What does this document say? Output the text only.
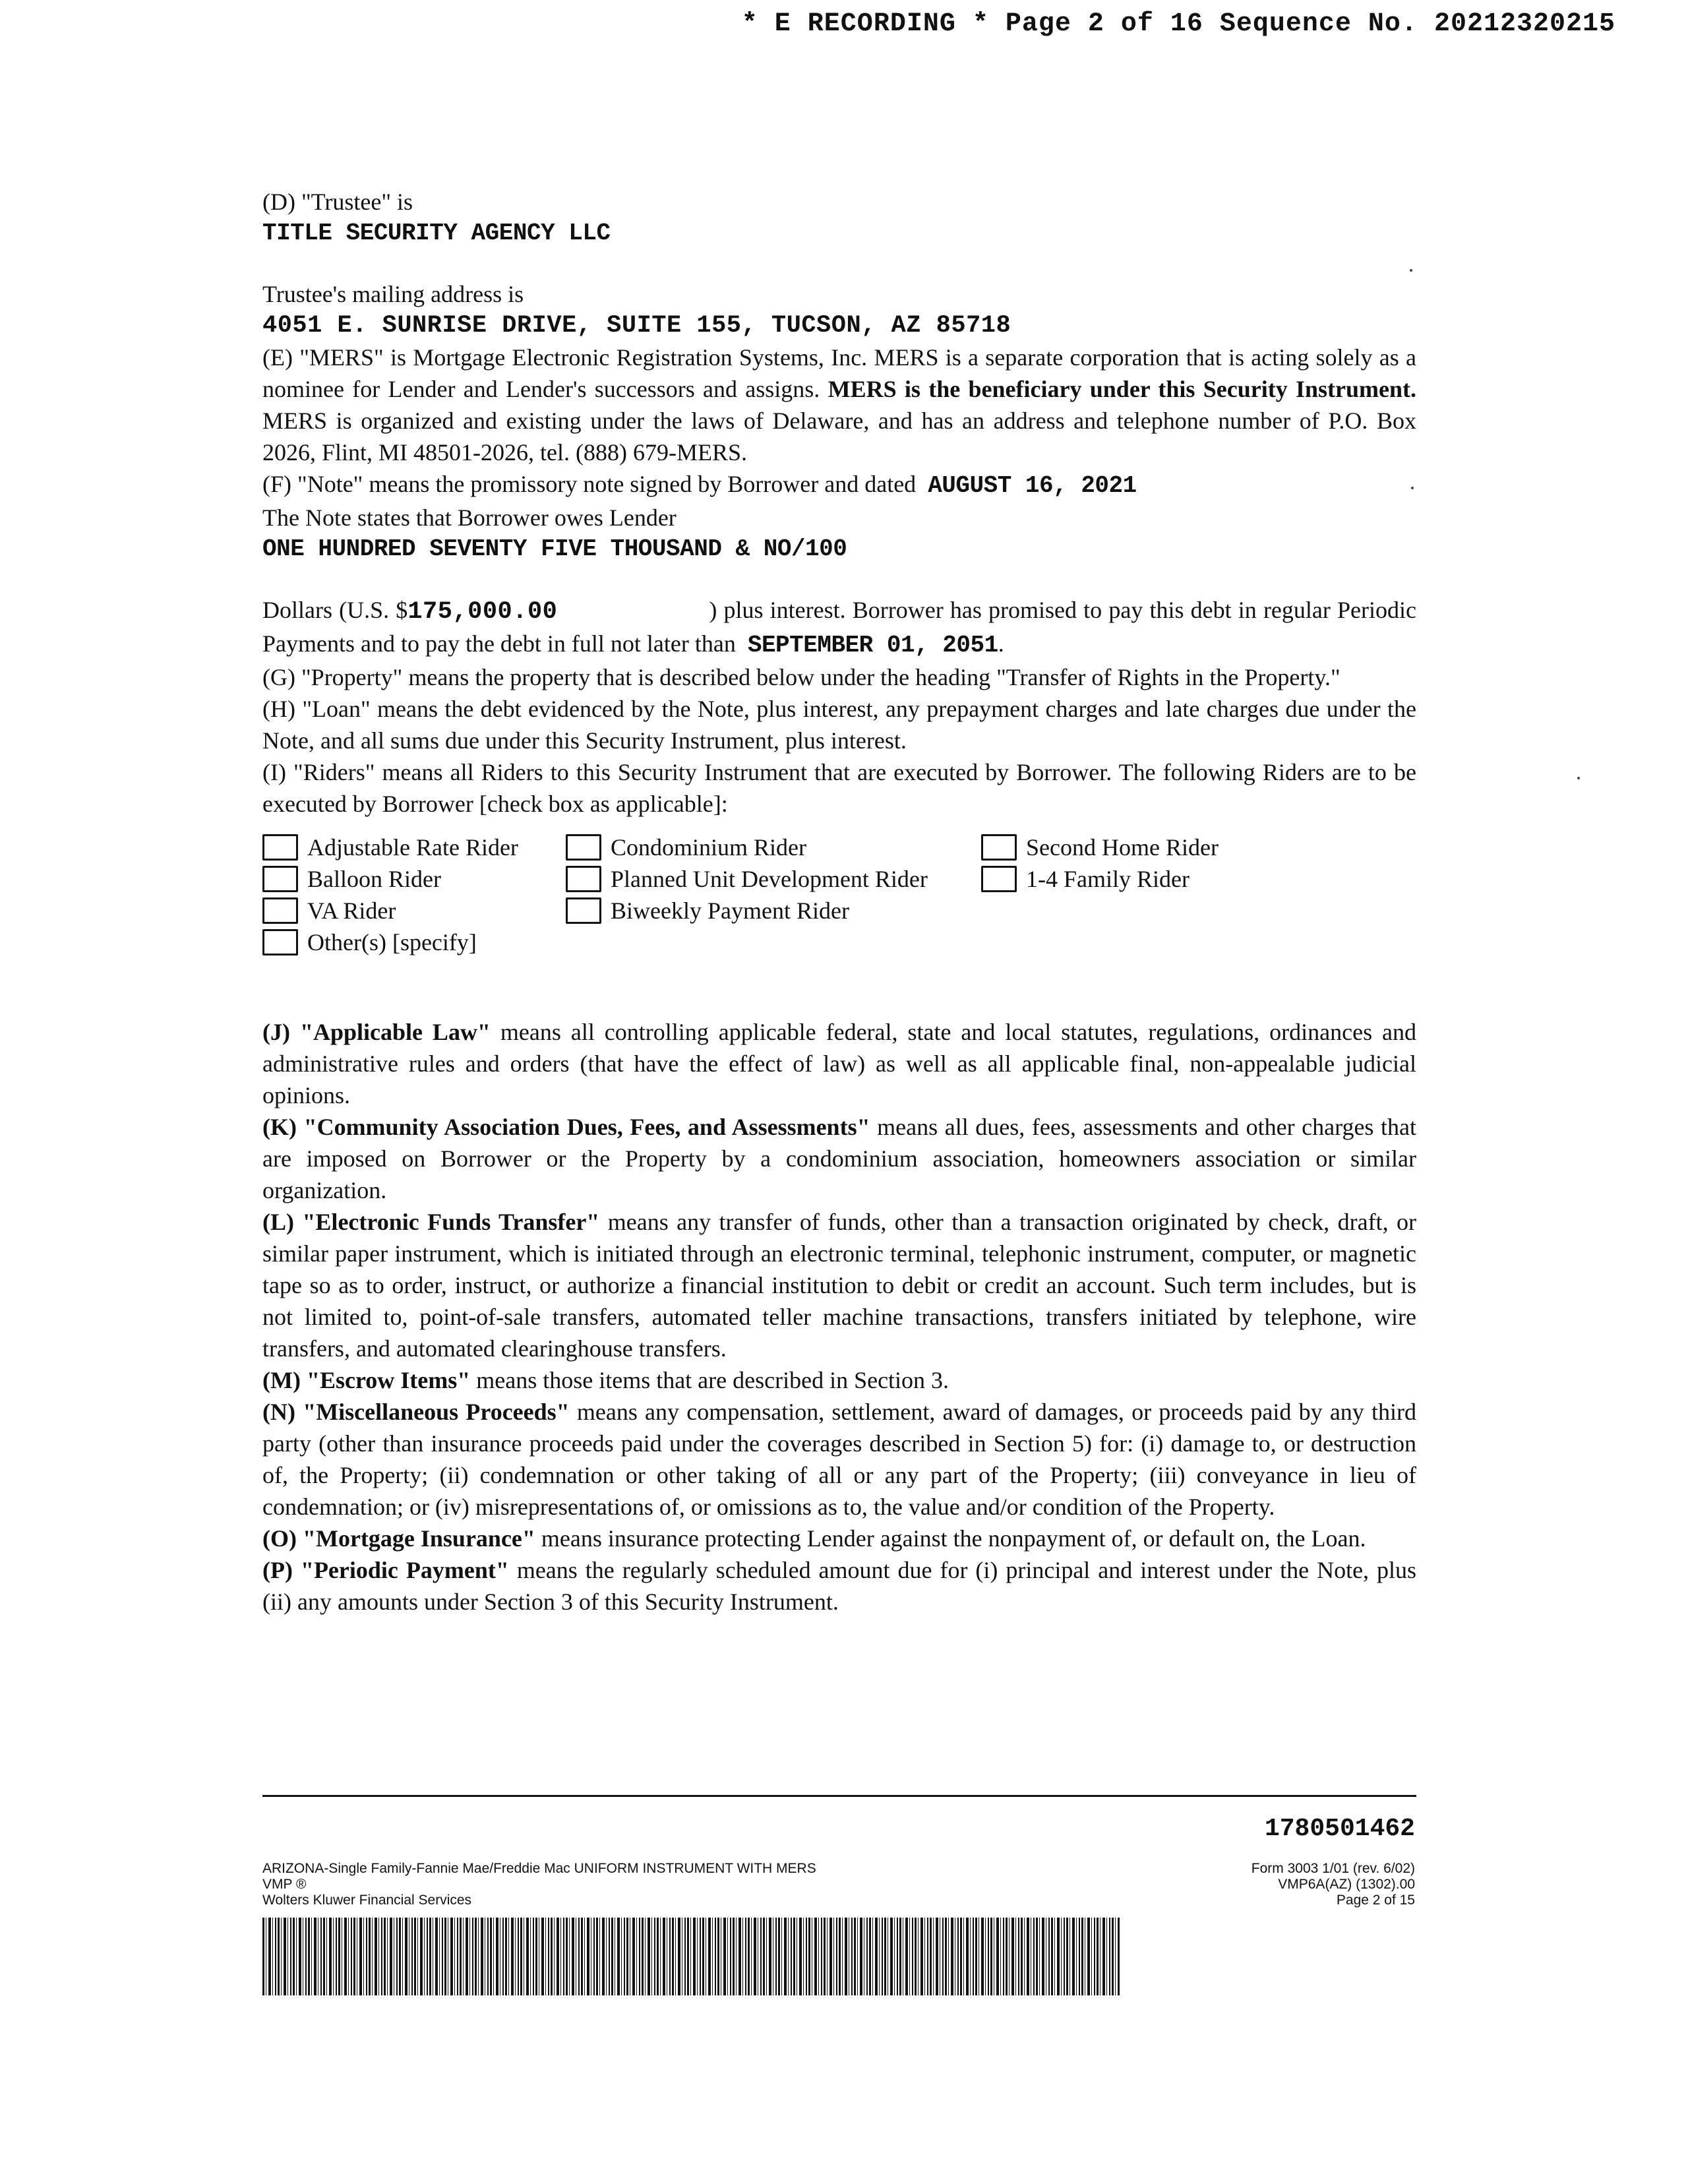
* E RECORDING * Page 2 of 16 Sequence No. 20212320215

(D) "Trustee" is

TITLE SECURITY AGENCY LLC

Trustee's mailing address is

4051 E. SUNRISE DRIVE, SUITE 155, TUCSON, AZ 85718

(E) "MERS" is Mortgage Electronic Registration Systems, Inc. MERS is a separate corporation that is acting solely as a nominee for Lender and Lender's successors and assigns. MERS is the beneficiary under this Security Instrument. MERS is organized and existing under the laws of Delaware, and has an address and telephone number of P.O. Box 2026, Flint, MI 48501-2026, tel. (888) 679-MERS.

(F) "Note" means the promissory note signed by Borrower and dated AUGUST 16, 2021

The Note states that Borrower owes Lender

ONE HUNDRED SEVENTY FIVE THOUSAND & NO/100

Dollars (U.S. $175,000.00	) plus interest. Borrower has promised to pay this debt in regular Periodic Payments and to pay the debt in full not later than SEPTEMBER 01, 2051.

(G) "Property" means the property that is described below under the heading "Transfer of Rights in the Property."

(H) "Loan" means the debt evidenced by the Note, plus interest, any prepayment charges and late charges due under the Note, and all sums due under this Security Instrument, plus interest.

(I) "Riders" means all Riders to this Security Instrument that are executed by Borrower. The following Riders are to be executed by Borrower [check box as applicable]:

Adjustable Rate Rider	Condominium Rider	Second Home Rider
Balloon Rider	Planned Unit Development Rider	1-4 Family Rider
VA Rider	Biweekly Payment Rider
Other(s) [specify]

(J) "Applicable Law" means all controlling applicable federal, state and local statutes, regulations, ordinances and administrative rules and orders (that have the effect of law) as well as all applicable final, non-appealable judicial opinions.

(K) "Community Association Dues, Fees, and Assessments" means all dues, fees, assessments and other charges that are imposed on Borrower or the Property by a condominium association, homeowners association or similar organization.

(L) "Electronic Funds Transfer" means any transfer of funds, other than a transaction originated by check, draft, or similar paper instrument, which is initiated through an electronic terminal, telephonic instrument, computer, or magnetic tape so as to order, instruct, or authorize a financial institution to debit or credit an account. Such term includes, but is not limited to, point-of-sale transfers, automated teller machine transactions, transfers initiated by telephone, wire transfers, and automated clearinghouse transfers.

(M) "Escrow Items" means those items that are described in Section 3.

(N) "Miscellaneous Proceeds" means any compensation, settlement, award of damages, or proceeds paid by any third party (other than insurance proceeds paid under the coverages described in Section 5) for: (i) damage to, or destruction of, the Property; (ii) condemnation or other taking of all or any part of the Property; (iii) conveyance in lieu of condemnation; or (iv) misrepresentations of, or omissions as to, the value and/or condition of the Property.

(O) "Mortgage Insurance" means insurance protecting Lender against the nonpayment of, or default on, the Loan.

(P) "Periodic Payment" means the regularly scheduled amount due for (i) principal and interest under the Note, plus (ii) any amounts under Section 3 of this Security Instrument.

1780501462
ARIZONA-Single Family-Fannie Mae/Freddie Mac UNIFORM INSTRUMENT WITH MERS
VMP ®
Wolters Kluwer Financial Services
Form 3003 1/01 (rev. 6/02)
VMP6A(AZ) (1302).00
Page 2 of 15
